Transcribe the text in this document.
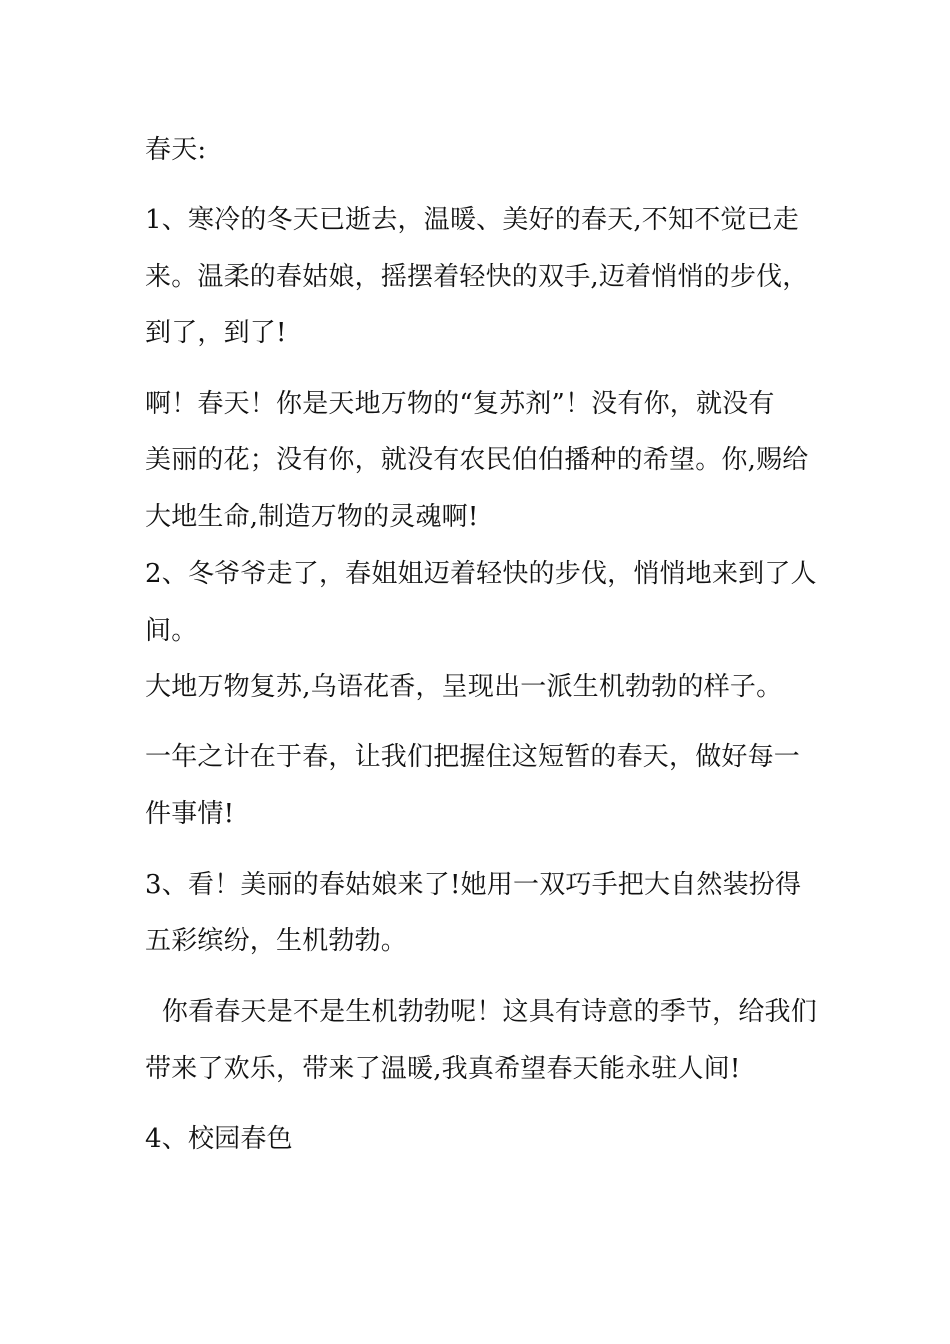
春天:
1、寒冷的冬天已逝去，温暖、美好的春天,不知不觉已走
来。温柔的春姑娘，摇摆着轻快的双手,迈着悄悄的步伐，
到了，到了!
啊！春天！你是天地万物的“复苏剂”！没有你，就没有
美丽的花；没有你，就没有农民伯伯播种的希望。你,赐给
大地生命,制造万物的灵魂啊!
2、冬爷爷走了，春姐姐迈着轻快的步伐，悄悄地来到了人
间。
大地万物复苏,乌语花香，呈现出一派生机勃勃的样子。
一年之计在于春，让我们把握住这短暂的春天，做好每一
件事情!
3、看！美丽的春姑娘来了!她用一双巧手把大自然装扮得
五彩缤纷，生机勃勃。
你看春天是不是生机勃勃呢！这具有诗意的季节，给我们
带来了欢乐，带来了温暖,我真希望春天能永驻人间!
4、校园春色
